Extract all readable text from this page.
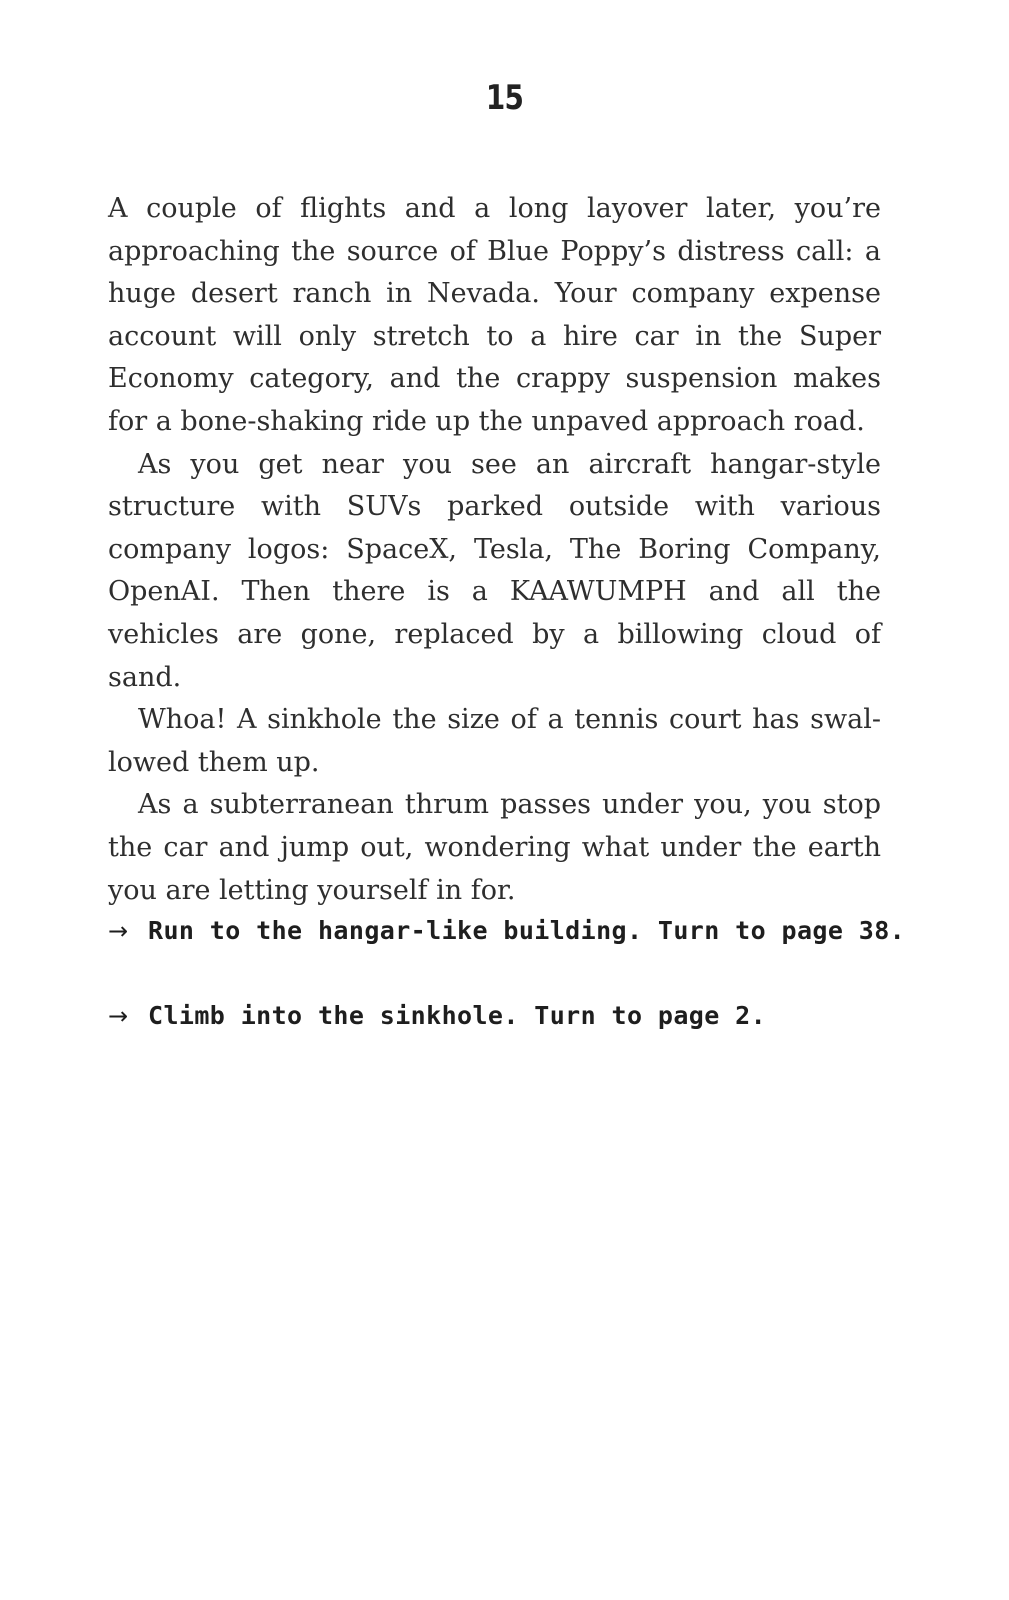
15

A couple of flights and a long layover later, you’re approaching the source of Blue Poppy’s distress call: a huge desert ranch in Nevada. Your company expense account will only stretch to a hire car in the Super Economy category, and the crappy suspension makes for a bone-shaking ride up the unpaved approach road.

As you get near you see an aircraft hangar-style structure with SUVs parked outside with various company logos: SpaceX, Tesla, The Boring Company, OpenAI. Then there is a KAAWUMPH and all the vehicles are gone, replaced by a billowing cloud of sand.

Whoa! A sinkhole the size of a tennis court has swallowed them up.

As a subterranean thrum passes under you, you stop the car and jump out, wondering what under the earth you are letting yourself in for.

→ Run to the hangar-like building. Turn to page 38.
→ Climb into the sinkhole. Turn to page 2.
